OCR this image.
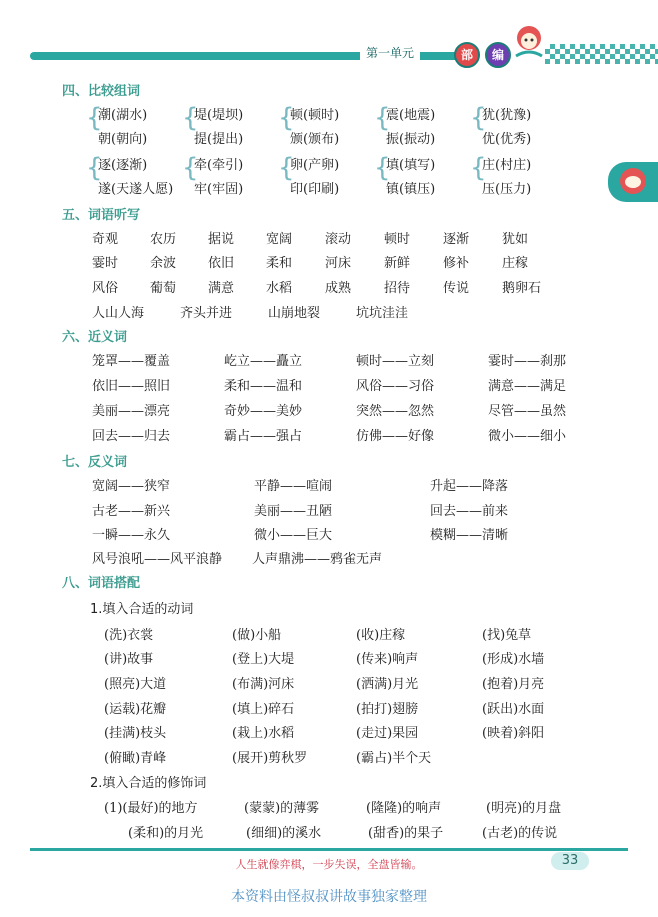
第一单元	部	编
四、比较组词
潮(湖水)	堤(堤坝)	顿(顿时)	震(地震)	犹(犹豫)
朝(朝向)	提(提出)	颁(颁布)	振(振动)	优(优秀)
逐(逐渐)	牵(牵引)	卵(产卵)	填(填写)	庄(村庄)
遂(天遂人愿) 牢(牢固)	印(印刷)	镇(镇压)	压(压力)
{	{	{	{	{
{	{	{	{	{
五、词语听写
奇观 农历 据说 宽阔	滚动	顿时	逐渐	犹如
霎时 余波 依旧 柔和	河床	新鲜	修补	庄稼
风俗 葡萄 满意 水稻	成熟	招待	传说	鹅卵石
人山人海	齐头并进	山崩地裂	坑坑洼洼
六、近义词
笼罩——覆盖	屹立——矗立	顿时——立刻	霎时——刹那
依旧——照旧	柔和——温和	风俗——习俗	满意——满足
美丽——漂亮	奇妙——美妙	突然——忽然	尽管——虽然
回去——归去	霸占——强占	仿佛——好像	微小——细小
七、反义词
宽阔——狭窄	平静——喧闹	升起——降落
古老——新兴	美丽——丑陋	回去——前来
一瞬——永久	微小——巨大	模糊——清晰
风号浪吼——风平浪静 人声鼎沸——鸦雀无声
八、词语搭配
1.填入合适的动词
(洗)衣裳	(做)小船	(收)庄稼	(找)兔草
(讲)故事	(登上)大堤	(传来)响声	(形成)水墙
(照亮)大道	(布满)河床	(洒满)月光	(抱着)月亮
(运载)花瓣	(填上)碎石	(拍打)翅膀	(跃出)水面
(挂满)枝头	(栽上)水稻	(走过)果园	(映着)斜阳
(俯瞰)青峰	(展开)剪秋罗	(霸占)半个天
2.填入合适的修饰词
(1)(最好)的地方	(蒙蒙)的薄雾	(隆隆)的响声	(明亮)的月盘
(柔和)的月光	(细细)的溪水	(甜香)的果子	(古老)的传说
人生就像弈棋，一步失误，全盘皆输。	33
本资料由怪叔叔讲故事独家整理
